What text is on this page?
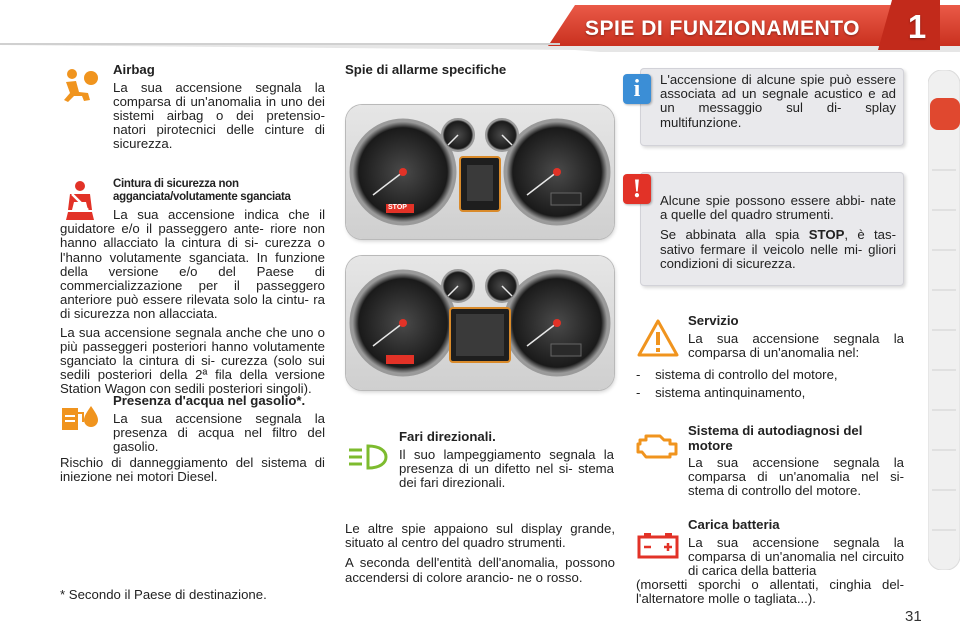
SPIE DI FUNZIONAMENTO	1

Airbag

La sua accensione segnala la comparsa di un'anomalia in uno dei sistemi airbag o dei pretensio- natori pirotecnici delle cinture di sicurezza.

Cintura di sicurezza non

agganciata/volutamente sganciata

La sua accensione indica che il guidatore e/o il passeggero ante- riore non hanno allacciato la cintura di si- curezza o l'hanno volutamente sganciata. In funzione della versione e/o del Paese di commercializzazione per il passeggero anteriore può essere rilevata solo la cintu- ra di sicurezza non allacciata.

La sua accensione segnala anche che uno o più passeggeri posteriori hanno volutamente sganciato la cintura di si- curezza (solo sui sedili posteriori della 2ª fila della versione Station Wagon con sedili posteriori singoli).

Presenza d'acqua nel gasolio*.

La sua accensione segnala la presenza di acqua nel filtro del gasolio.

Rischio di danneggiamento del sistema di iniezione nei motori Diesel.

* Secondo il Paese di destinazione.

Spie di allarme specifiche

STOP

Fari direzionali.

Il suo lampeggiamento segnala la presenza di un difetto nel si- stema dei fari direzionali.

Le altre spie appaiono sul display grande, situato al centro del quadro strumenti.

A seconda dell'entità dell'anomalia, possono accendersi di colore arancio- ne o rosso.

L'accensione di alcune spie può essere associata ad un segnale acustico e ad un messaggio sul di- splay multifunzione.

i

Alcune spie possono essere abbi- nate a quelle del quadro strumenti.

Se abbinata alla spia STOP, è tas- sativo fermare il veicolo nelle mi- gliori condizioni di sicurezza.

!

Servizio

La sua accensione segnala la comparsa di un'anomalia nel:

-    sistema di controllo del motore,
-    sistema antinquinamento,

Sistema di autodiagnosi del motore

La sua accensione segnala la comparsa di un'anomalia nel si- stema di controllo del motore.

Carica batteria

La sua accensione segnala la comparsa di un'anomalia nel circuito di carica della batteria

(morsetti sporchi o allentati, cinghia del- l'alternatore molle o tagliata...).

31
